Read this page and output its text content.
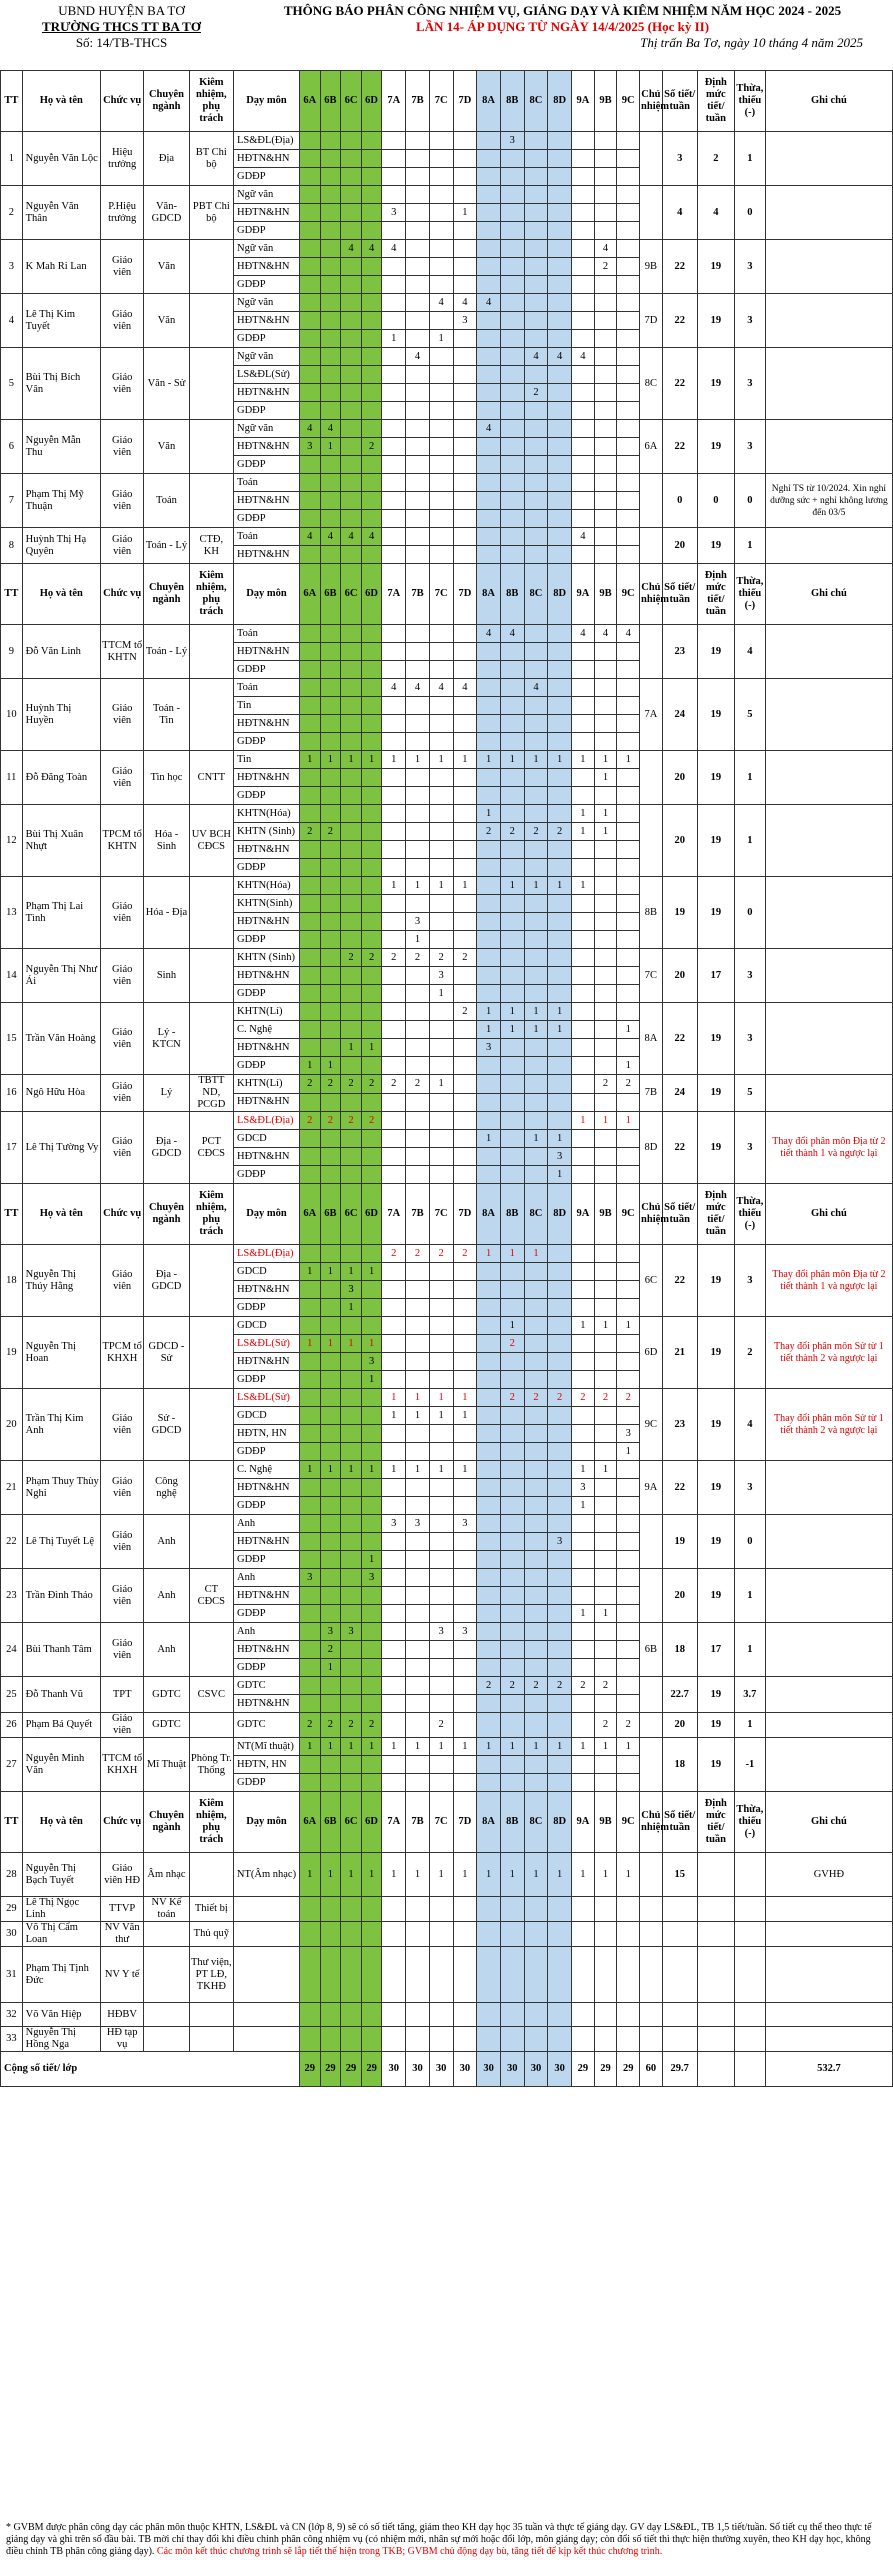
UBND HUYỆN BA TƠ
TRƯỜNG THCS TT BA TƠ
Số: 14/TB-THCS
THÔNG BÁO PHÂN CÔNG NHIỆM VỤ, GIẢNG DẠY VÀ KIÊM NHIỆM NĂM HỌC 2024 - 2025
LẦN 14- ÁP DỤNG TỪ NGÀY 14/4/2025 (Học kỳ II)
Thị trấn Ba Tơ, ngày 10 tháng 4 năm 2025
TT	Họ và tên	Chức vụ	Chuyên ngành	Kiêm nhiệm, phụ trách	Dạy môn	6A	6B	6C	6D	7A	7B	7C	7D	8A	8B	8C	8D	9A	9B	9C	Chủ nhiệm	Số tiết/ tuần	Định mức tiết/ tuần	Thừa, thiếu (-)	Ghi chú
1	Nguyễn Văn Lộc	Hiệu trưởng	Địa	BT Chi bộ	LS&ĐL(Địa)										3							3	2	1	
					HĐTN&HN																				
					GDĐP																				
2	Nguyễn Văn Thân	P.Hiệu trưởng	Văn-GDCD	PBT Chi bộ	Ngữ văn																	4	4	0	
					HĐTN&HN					3			1												
					GDĐP																				
3	K Mah Ri Lan	Giáo viên	Văn		Ngữ văn			4	4	4									4		9B	22	19	3	
					HĐTN&HN														2						
					GDĐP																				
4	Lê Thị Kim Tuyết	Giáo viên	Văn		Ngữ văn							4	4	4							7D	22	19	3	
					HĐTN&HN								3												
					GDĐP					1		1													
5	Bùi Thị Bích Vân	Giáo viên	Văn - Sử		Ngữ văn						4					4	4	4			8C	22	19	3	
					LS&ĐL(Sử)																				
					HĐTN&HN											2									
					GDĐP																				
6	Nguyễn Mẫn Thu	Giáo viên	Văn		Ngữ văn	4	4							4							6A	22	19	3	
					HĐTN&HN	3	1		2																
					GDĐP																				
7	Phạm Thị Mỹ Thuận	Giáo viên	Toán		Toán																	0	0	0	Nghỉ TS từ 10/2024. Xin nghỉ dưỡng sức + nghỉ không lương đến 03/5
					HĐTN&HN																				
					GDĐP																				
8	Huỳnh Thị Hạ Quyên	Giáo viên	Toán - Lý	CTĐ, KH	Toán	4	4	4	4									4				20	19	1	
					HĐTN&HN																				
TT	Họ và tên	Chức vụ	Chuyên ngành	Kiêm nhiệm, phụ trách	Dạy môn	6A	6B	6C	6D	7A	7B	7C	7D	8A	8B	8C	8D	9A	9B	9C	Chủ nhiệm	Số tiết/ tuần	Định mức tiết/ tuần	Thừa, thiếu (-)	Ghi chú
9	Đỗ Văn Linh	TTCM tổ KHTN	Toán - Lý		Toán									4	4			4	4	4		23	19	4	
					HĐTN&HN																				
					GDĐP																				
10	Huỳnh Thị Huyền	Giáo viên	Toán - Tin		Toán					4	4	4	4			4					7A	24	19	5	
					Tin																				
					HĐTN&HN																				
					GDĐP																				
11	Đỗ Đăng Toàn	Giáo viên	Tin học	CNTT	Tin	1	1	1	1	1	1	1	1	1	1	1	1	1	1	1		20	19	1	
					HĐTN&HN														1						
					GDĐP																				
12	Bùi Thị Xuân Nhựt	TPCM tổ KHTN	Hóa - Sinh	UV BCH CĐCS	KHTN(Hóa)									1				1	1			20	19	1	
					KHTN (Sinh)	2	2							2	2	2	2	1	1						
					HĐTN&HN																				
					GDĐP																				
13	Phạm Thị Lai Tình	Giáo viên	Hóa - Địa		KHTN(Hóa)					1	1	1	1		1	1	1	1			8B	19	19	0	
					KHTN(Sinh)																				
					HĐTN&HN						3														
					GDĐP						1														
14	Nguyễn Thị Như Ái	Giáo viên	Sinh		KHTN (Sinh)			2	2	2	2	2	2								7C	20	17	3	
					HĐTN&HN							3													
					GDĐP							1													
15	Trần Văn Hoàng	Giáo viên	Lý - KTCN		KHTN(Lí)								2	1	1	1	1				8A	22	19	3	
					C. Nghệ									1	1	1	1			1					
					HĐTN&HN			1	1					3											
					GDĐP	1	1													1					
16	Ngô Hữu Hòa	Giáo viên	Lý	TBTT ND, PCGD	KHTN(Lí)	2	2	2	2	2	2	1							2	2	7B	24	19	5	
					HĐTN&HN																				
17	Lê Thị Tường Vy	Giáo viên	Địa - GDCD	PCT CĐCS	LS&ĐL(Địa)	2	2	2	2									1	1	1	8D	22	19	3	Thay đổi phân môn Địa từ 2 tiết thành 1 và ngược lại
					GDCD									1		1	1								
					HĐTN&HN												3								
					GDĐP												1								
TT	Họ và tên	Chức vụ	Chuyên ngành	Kiêm nhiệm, phụ trách	Dạy môn	6A	6B	6C	6D	7A	7B	7C	7D	8A	8B	8C	8D	9A	9B	9C	Chủ nhiệm	Số tiết/ tuần	Định mức tiết/ tuần	Thừa, thiếu (-)	Ghi chú
18	Nguyễn Thị Thúy Hằng	Giáo viên	Địa - GDCD		LS&ĐL(Địa)					2	2	2	2	1	1	1					6C	22	19	3	Thay đổi phân môn Địa từ 2 tiết thành 1 và ngược lại
					GDCD	1	1	1	1																
					HĐTN&HN			3																	
					GDĐP			1																	
19	Nguyễn Thị Hoan	TPCM tổ KHXH	GDCD -Sử		GDCD										1			1	1	1	6D	21	19	2	Thay đổi phân môn Sử từ 1 tiết thành 2 và ngược lại
					LS&ĐL(Sử)	1	1	1	1						2										
					HĐTN&HN				3																
					GDĐP				1																
20	Trần Thị Kim Anh	Giáo viên	Sử - GDCD		LS&ĐL(Sử)					1	1	1	1		2	2	2	2	2	2	9C	23	19	4	Thay đổi phân môn Sử từ 1 tiết thành 2 và ngược lại
					GDCD					1	1	1	1												
					HĐTN, HN															3					
					GDĐP															1					
21	Phạm Thuy Thùy Nghi	Giáo viên	Công nghệ		C. Nghệ	1	1	1	1	1	1	1	1					1	1		9A	22	19	3	
					HĐTN&HN													3							
					GDĐP													1							
22	Lê Thị Tuyết Lệ	Giáo viên	Anh		Anh					3	3		3									19	19	0	
					HĐTN&HN												3								
					GDĐP				1																
23	Trần Đình Thảo	Giáo viên	Anh	CT CĐCS	Anh	3			3													20	19	1	
					HĐTN&HN																				
					GDĐP													1	1						
24	Bùi Thanh Tâm	Giáo viên	Anh		Anh		3	3				3	3								6B	18	17	1	
					HĐTN&HN		2																		
					GDĐP		1																		
25	Đỗ Thanh Vũ	TPT	GDTC	CSVC	GDTC									2	2	2	2	2	2			22.7	19	3.7	
					HĐTN&HN																				
26	Phạm Bá Quyết	Giáo viên	GDTC		GDTC	2	2	2	2			2							2	2		20	19	1	
27	Nguyễn Minh Văn	TTCM tổ KHXH	Mĩ Thuật	Phòng Tr. Thống	NT(Mĩ thuật)	1	1	1	1	1	1	1	1	1	1	1	1	1	1	1		18	19	-1	
					HĐTN, HN																				
					GDĐP																				
TT	Họ và tên	Chức vụ	Chuyên ngành	Kiêm nhiệm, phụ trách	Dạy môn	6A	6B	6C	6D	7A	7B	7C	7D	8A	8B	8C	8D	9A	9B	9C	Chủ nhiệm	Số tiết/ tuần	Định mức tiết/ tuần	Thừa, thiếu (-)	Ghi chú
28	Nguyễn Thị Bạch Tuyết	Giáo viên HĐ	Âm nhạc		NT(Âm nhạc)	1	1	1	1	1	1	1	1	1	1	1	1	1	1	1		15			GVHĐ
29	Lê Thị Ngọc Linh	TTVP	NV Kế toán	Thiết bị																					
30	Võ Thị Cẩm Loan	NV Văn thư		Thủ quỹ																					
31	Phạm Thị Tịnh Đức	NV Y tế		Thư viện, PT LĐ, TKHĐ																					
32	Võ Văn Hiệp	HĐBV																							
33	Nguyễn Thị Hồng Nga	HĐ tạp vụ																							
Cộng số tiết/ lớp						29	29	29	29	30	30	30	30	30	30	30	30	29	29	29	60	29.7			532.7
* GVBM được phân công dạy các phân môn thuộc KHTN, LS&ĐL và CN (lớp 8, 9) sẽ có số tiết tăng, giảm theo KH dạy học 35 tuần và thực tế giảng dạy. GV dạy LS&ĐL, TB 1,5 tiết/tuần. Số tiết cụ thể theo thực tế giảng dạy và ghi trên sổ đầu bài. TB mời chỉ thay đổi khi điều chỉnh phân công nhiệm vụ (có nhiệm mới, nhân sự mới hoặc đổi lớp, môn giảng dạy; còn đổi số tiết thì thực hiện thường xuyên, theo KH dạy học, không điều chỉnh TB phân công giảng dạy). Các môn kết thúc chương trình sẽ lắp tiết thể hiện trong TKB; GVBM chủ động dạy bù, tăng tiết để kịp kết thúc chương trình.
